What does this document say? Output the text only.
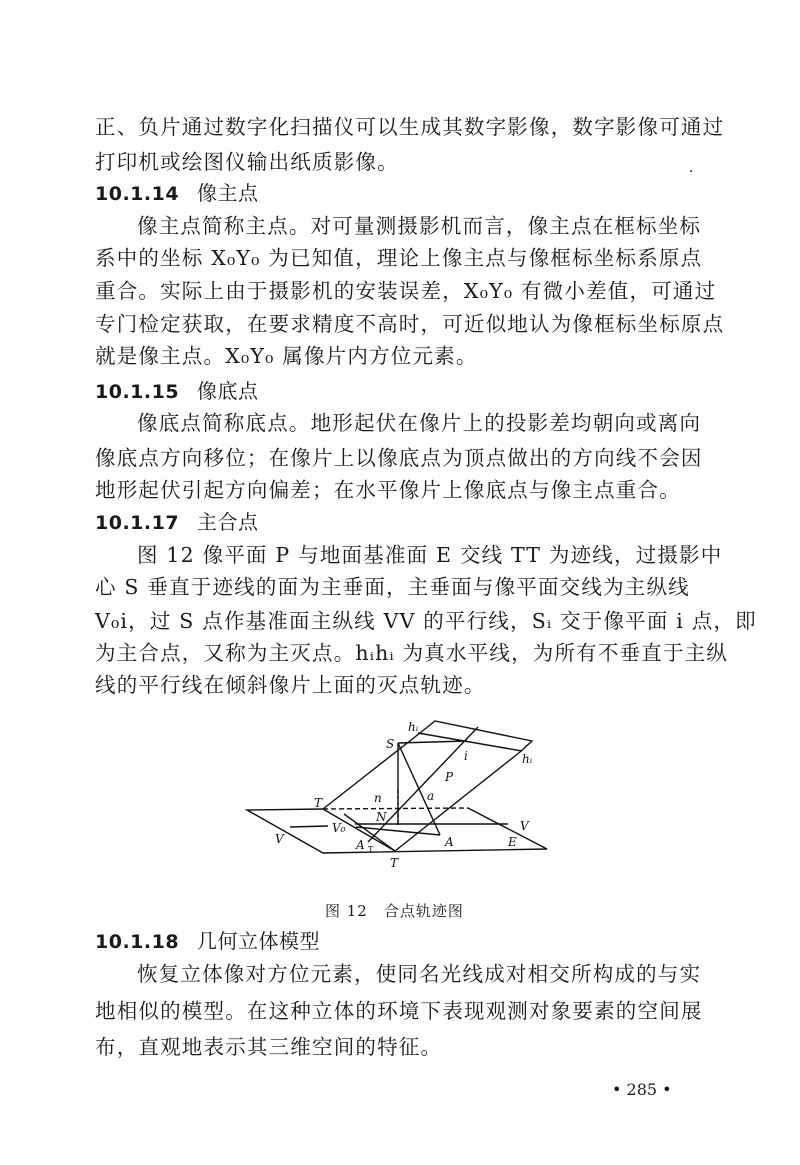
正、负片通过数字化扫描仪可以生成其数字影像，数字影像可通过
打印机或绘图仪输出纸质影像。
10.1.14 像主点
像主点简称主点。对可量测摄影机而言，像主点在框标坐标
系中的坐标 X₀Y₀ 为已知值，理论上像主点与像框标坐标系原点
重合。实际上由于摄影机的安装误差，X₀Y₀ 有微小差值，可通过
专门检定获取，在要求精度不高时，可近似地认为像框标坐标原点
就是像主点。X₀Y₀ 属像片内方位元素。
10.1.15 像底点
像底点简称底点。地形起伏在像片上的投影差均朝向或离向
像底点方向移位；在像片上以像底点为顶点做出的方向线不会因
地形起伏引起方向偏差；在水平像片上像底点与像主点重合。
10.1.17 主合点
图 12 像平面 P 与地面基准面 E 交线 TT 为迹线，过摄影中
心 S 垂直于迹线的面为主垂面，主垂面与像平面交线为主纵线
V₀i，过 S 点作基准面主纵线 VV 的平行线，Sᵢ 交于像平面 i 点，即
为主合点，又称为主灭点。hᵢhᵢ 为真水平线，为所有不垂直于主纵
线的平行线在倾斜像片上面的灭点轨迹。
hᵢ
hᵢ
S
i
P
T	n	a
N
V
V₀
A T
A	E
V
T
图 12　合点轨迹图
10.1.18 几何立体模型
恢复立体像对方位元素，使同名光线成对相交所构成的与实
地相似的模型。在这种立体的环境下表现观测对象要素的空间展
布，直观地表示其三维空间的特征。
• 285 •
